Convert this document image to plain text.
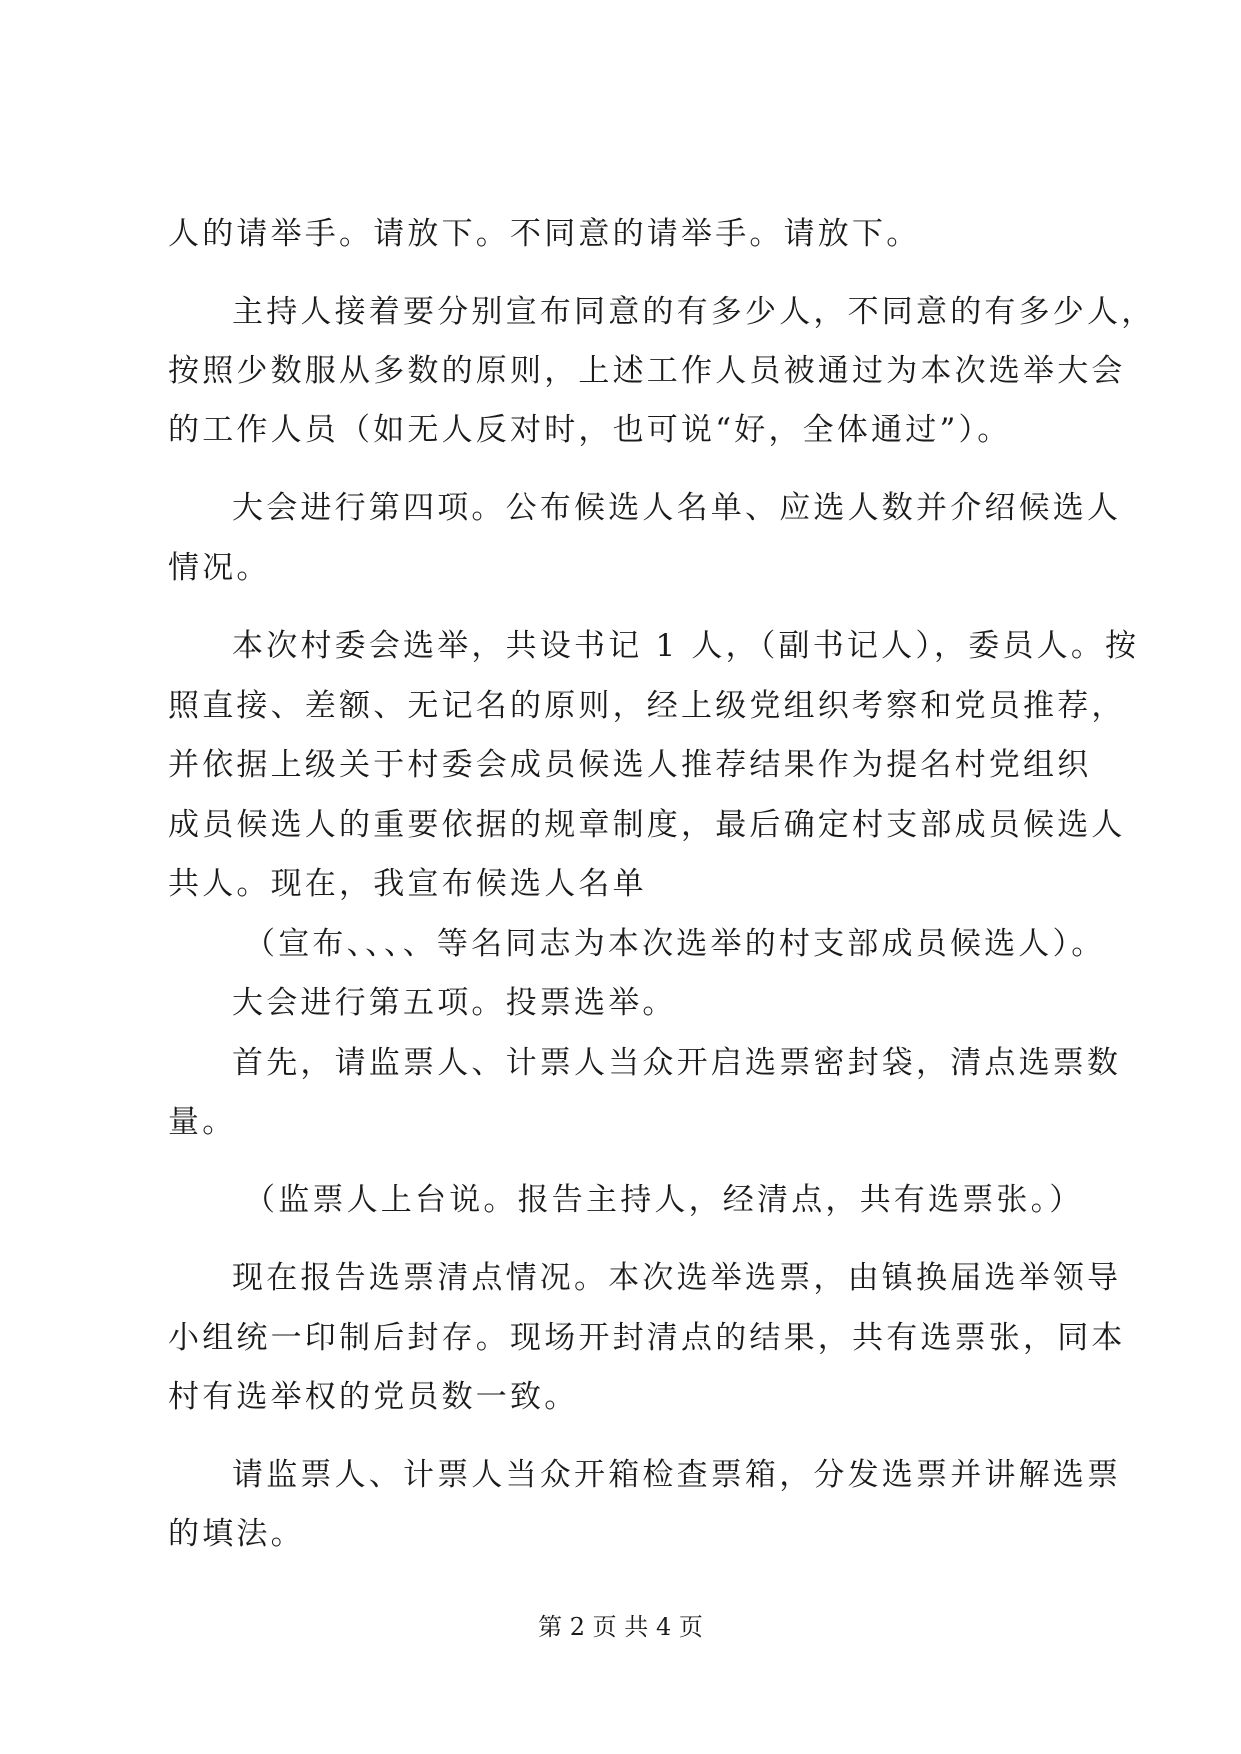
人的请举手。请放下。不同意的请举手。请放下。
主持人接着要分别宣布同意的有多少人，不同意的有多少人，
按照少数服从多数的原则，上述工作人员被通过为本次选举大会
的工作人员（如无人反对时，也可说“好，全体通过”）。
大会进行第四项。公布候选人名单、应选人数并介绍候选人
情况。
本次村委会选举，共设书记 1 人，（副书记人），委员人。按
照直接、差额、无记名的原则，经上级党组织考察和党员推荐，
并依据上级关于村委会成员候选人推荐结果作为提名村党组织
成员候选人的重要依据的规章制度，最后确定村支部成员候选人
共人。现在，我宣布候选人名单
（宣布、、、、等名同志为本次选举的村支部成员候选人）。
大会进行第五项。投票选举。
首先，请监票人、计票人当众开启选票密封袋，清点选票数
量。
（监票人上台说。报告主持人，经清点，共有选票张。）
现在报告选票清点情况。本次选举选票，由镇换届选举领导
小组统一印制后封存。现场开封清点的结果，共有选票张，同本
村有选举权的党员数一致。
请监票人、计票人当众开箱检查票箱，分发选票并讲解选票
的填法。
第 2 页 共 4 页
